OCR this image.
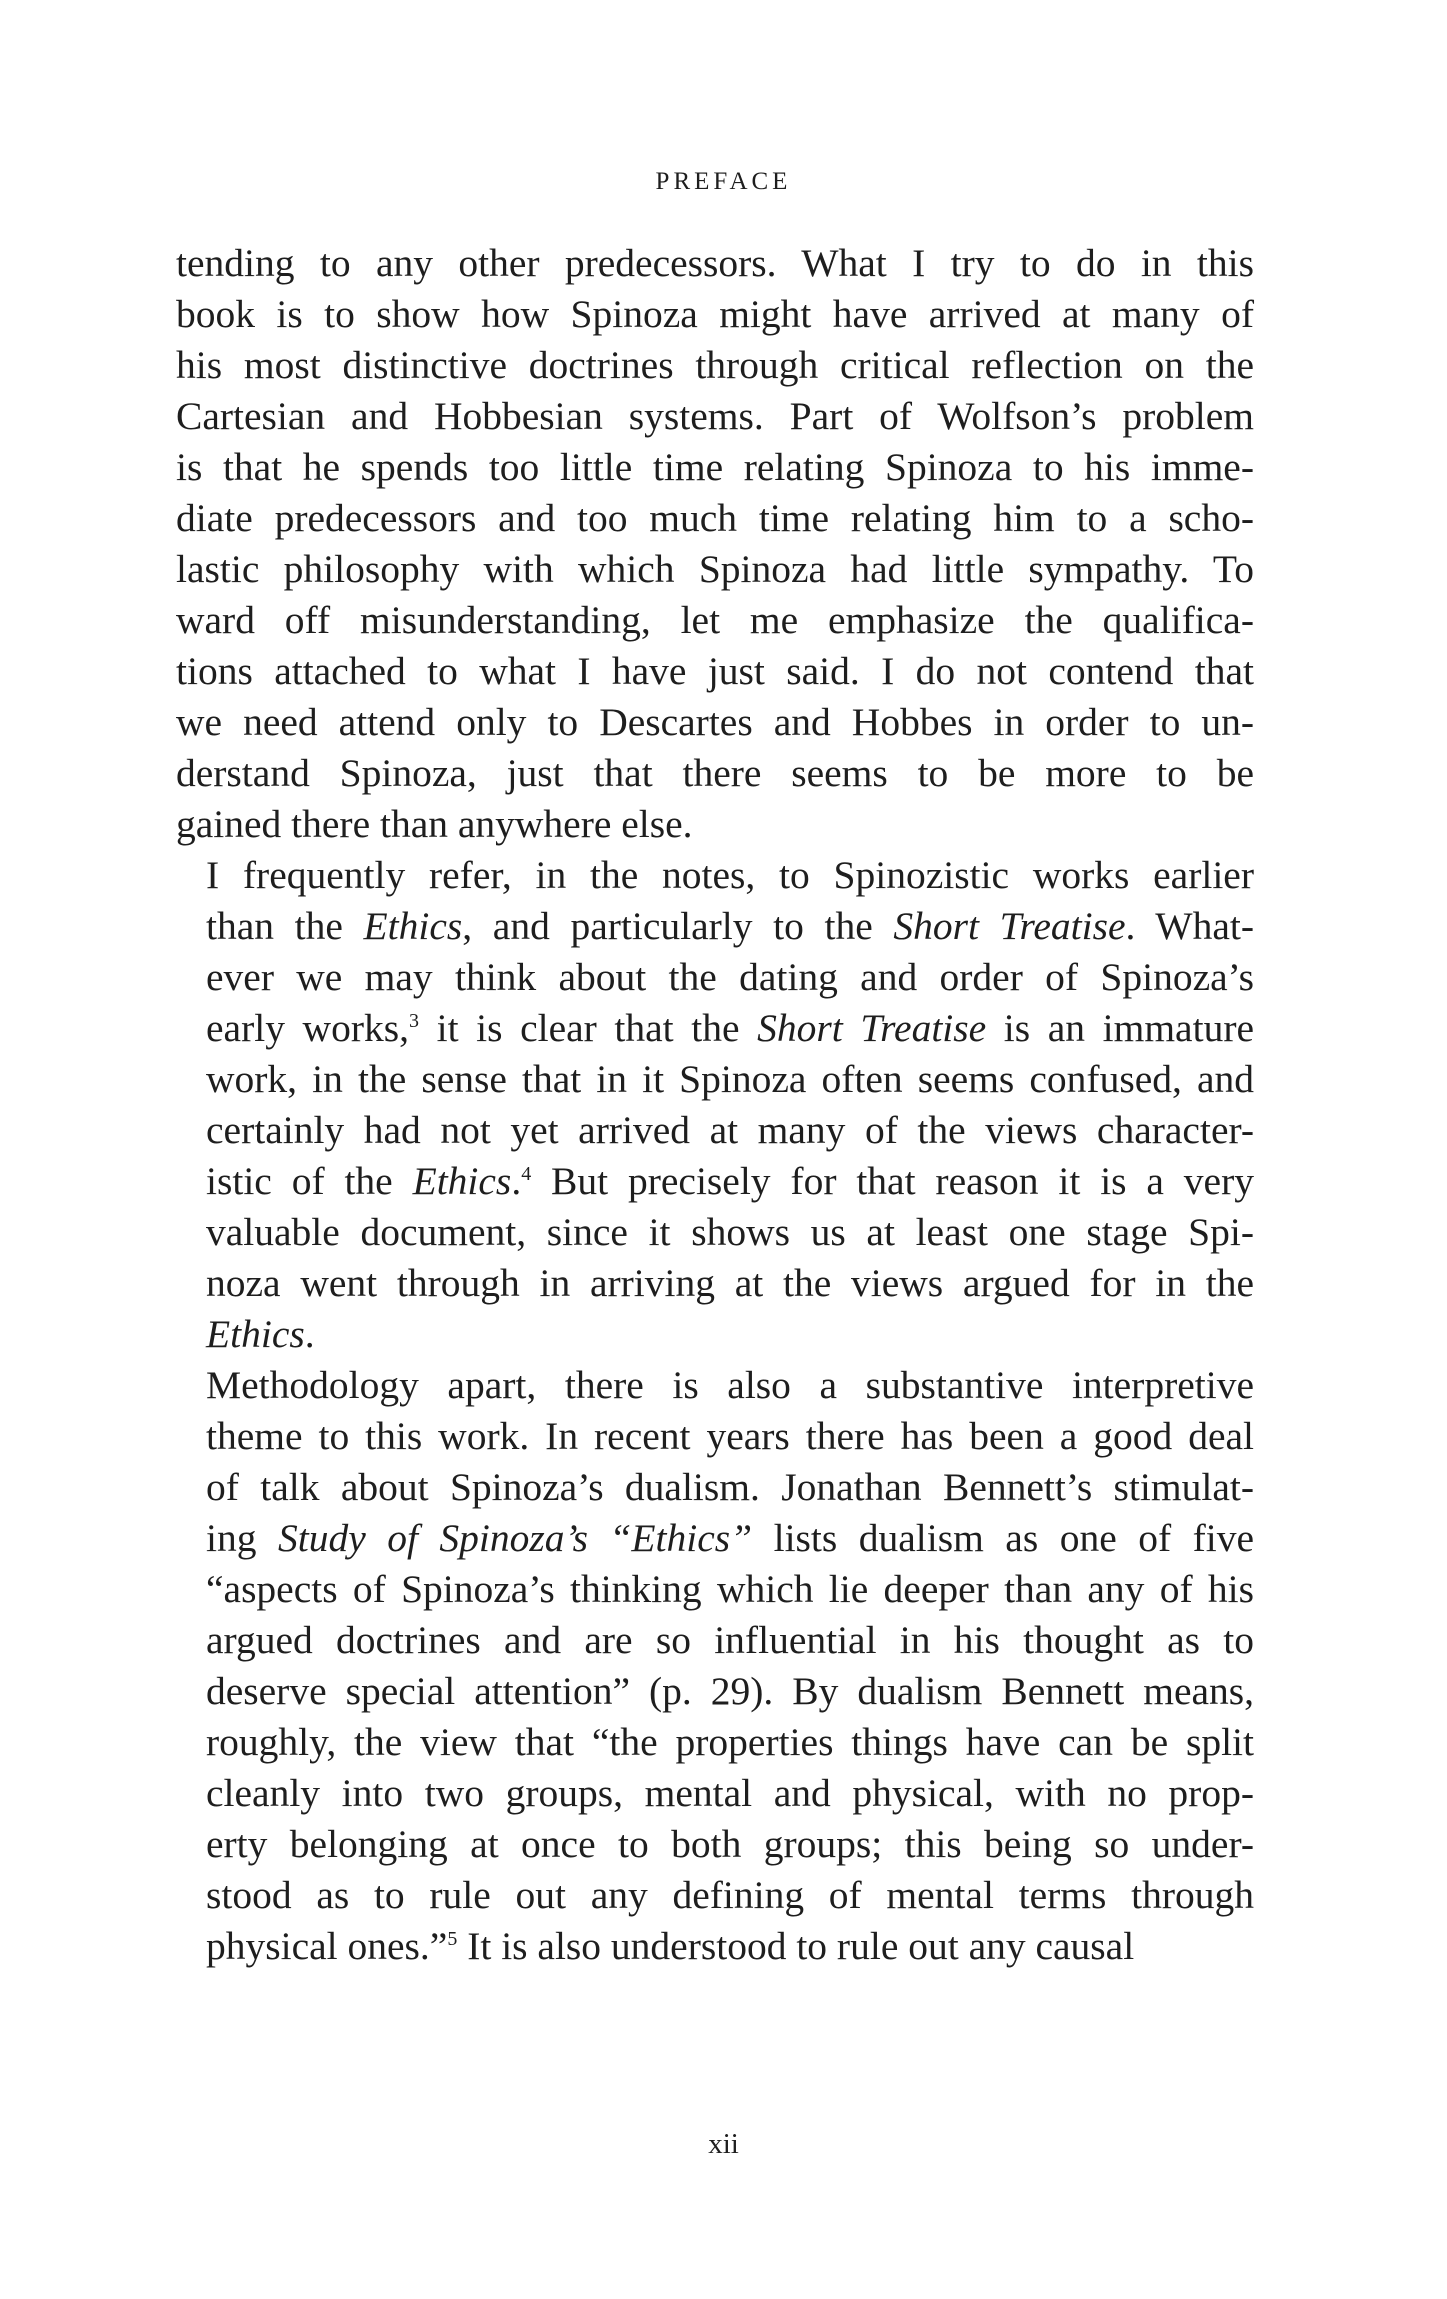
PREFACE

tending to any other predecessors. What I try to do in this
book is to show how Spinoza might have arrived at many of
his most distinctive doctrines through critical reflection on the
Cartesian and Hobbesian systems. Part of Wolfson’s problem
is that he spends too little time relating Spinoza to his imme-
diate predecessors and too much time relating him to a scho-
lastic philosophy with which Spinoza had little sympathy. To
ward off misunderstanding, let me emphasize the qualifica-
tions attached to what I have just said. I do not contend that
we need attend only to Descartes and Hobbes in order to un-
derstand Spinoza, just that there seems to be more to be
gained there than anywhere else.

I frequently refer, in the notes, to Spinozistic works earlier
than the Ethics, and particularly to the Short Treatise. What-
ever we may think about the dating and order of Spinoza’s
early works,$^3$ it is clear that the Short Treatise is an immature
work, in the sense that in it Spinoza often seems confused, and
certainly had not yet arrived at many of the views character-
istic of the Ethics.$^4$ But precisely for that reason it is a very
valuable document, since it shows us at least one stage Spi-
noza went through in arriving at the views argued for in the
Ethics.

Methodology apart, there is also a substantive interpretive
theme to this work. In recent years there has been a good deal
of talk about Spinoza’s dualism. Jonathan Bennett’s stimulat-
ing Study of Spinoza’s “Ethics” lists dualism as one of five
“aspects of Spinoza’s thinking which lie deeper than any of his
argued doctrines and are so influential in his thought as to
deserve special attention” (p. 29). By dualism Bennett means,
roughly, the view that “the properties things have can be split
cleanly into two groups, mental and physical, with no prop-
erty belonging at once to both groups; this being so under-
stood as to rule out any defining of mental terms through
physical ones.”$^5$ It is also understood to rule out any causal

xii
